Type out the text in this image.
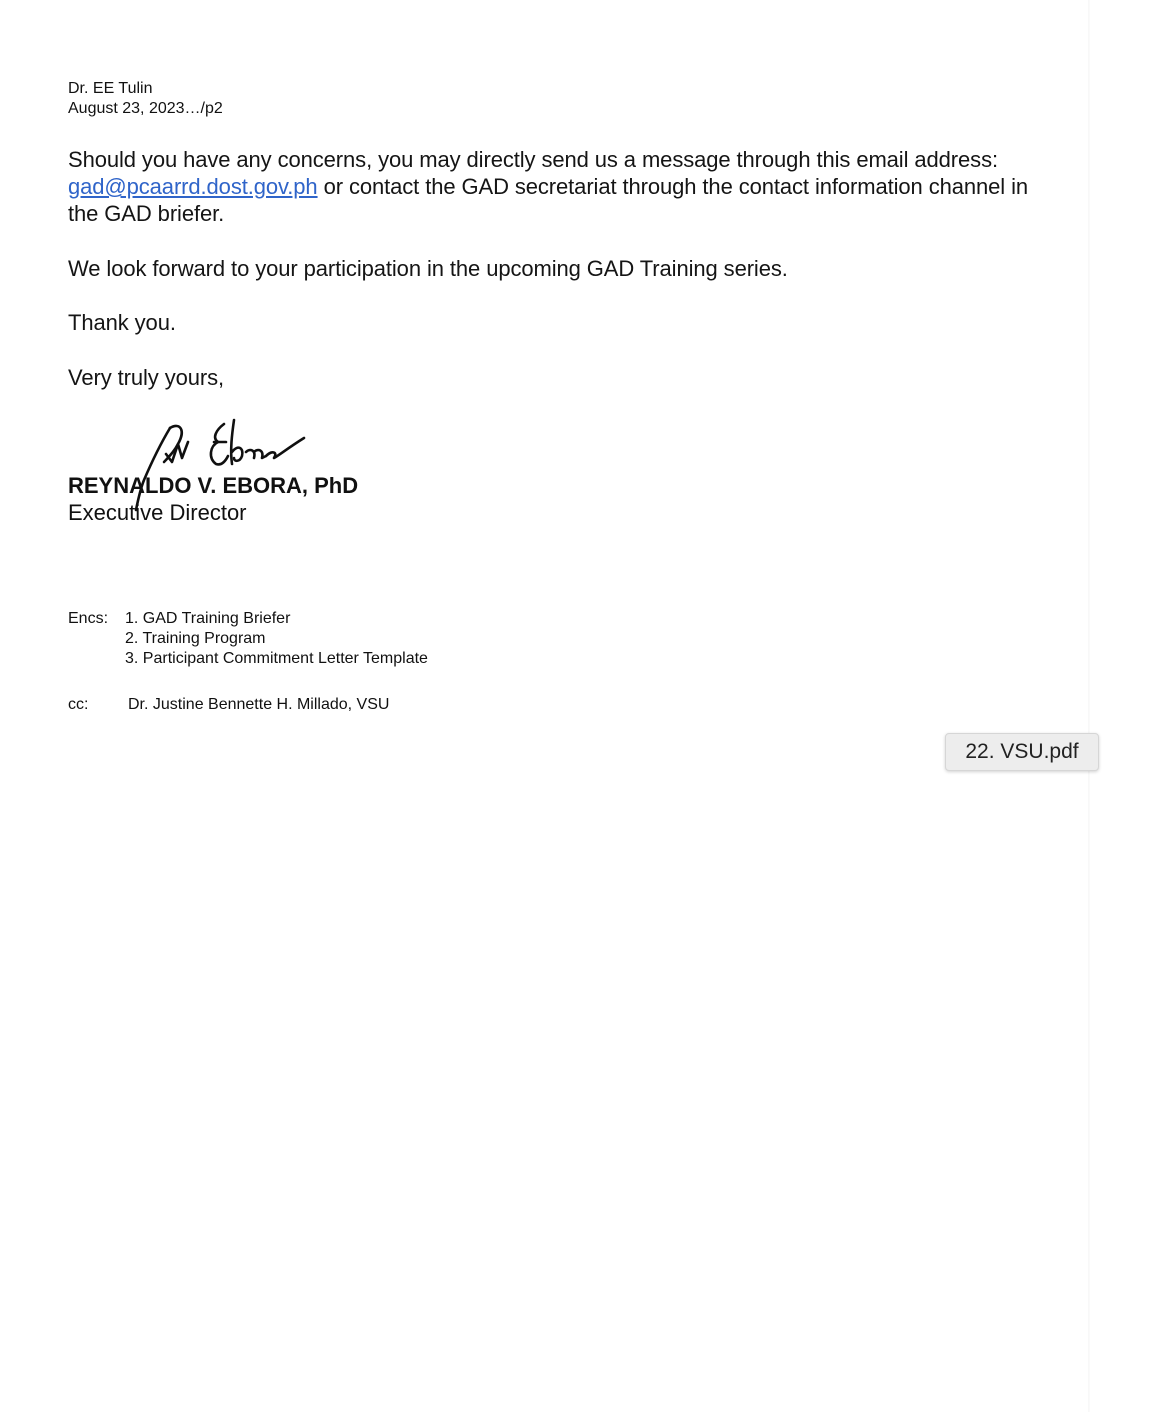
Dr. EE Tulin
August 23, 2023…/p2
Should you have any concerns, you may directly send us a message through this email address: gad@pcaarrd.dost.gov.ph or contact the GAD secretariat through the contact information channel in the GAD briefer.
We look forward to your participation in the upcoming GAD Training series.
Thank you.
Very truly yours,
REYNALDO V. EBORA, PhD
Executive Director
Encs: 1. GAD Training Briefer
2. Training Program
3. Participant Commitment Letter Template
cc: Dr. Justine Bennette H. Millado, VSU
22. VSU.pdf
